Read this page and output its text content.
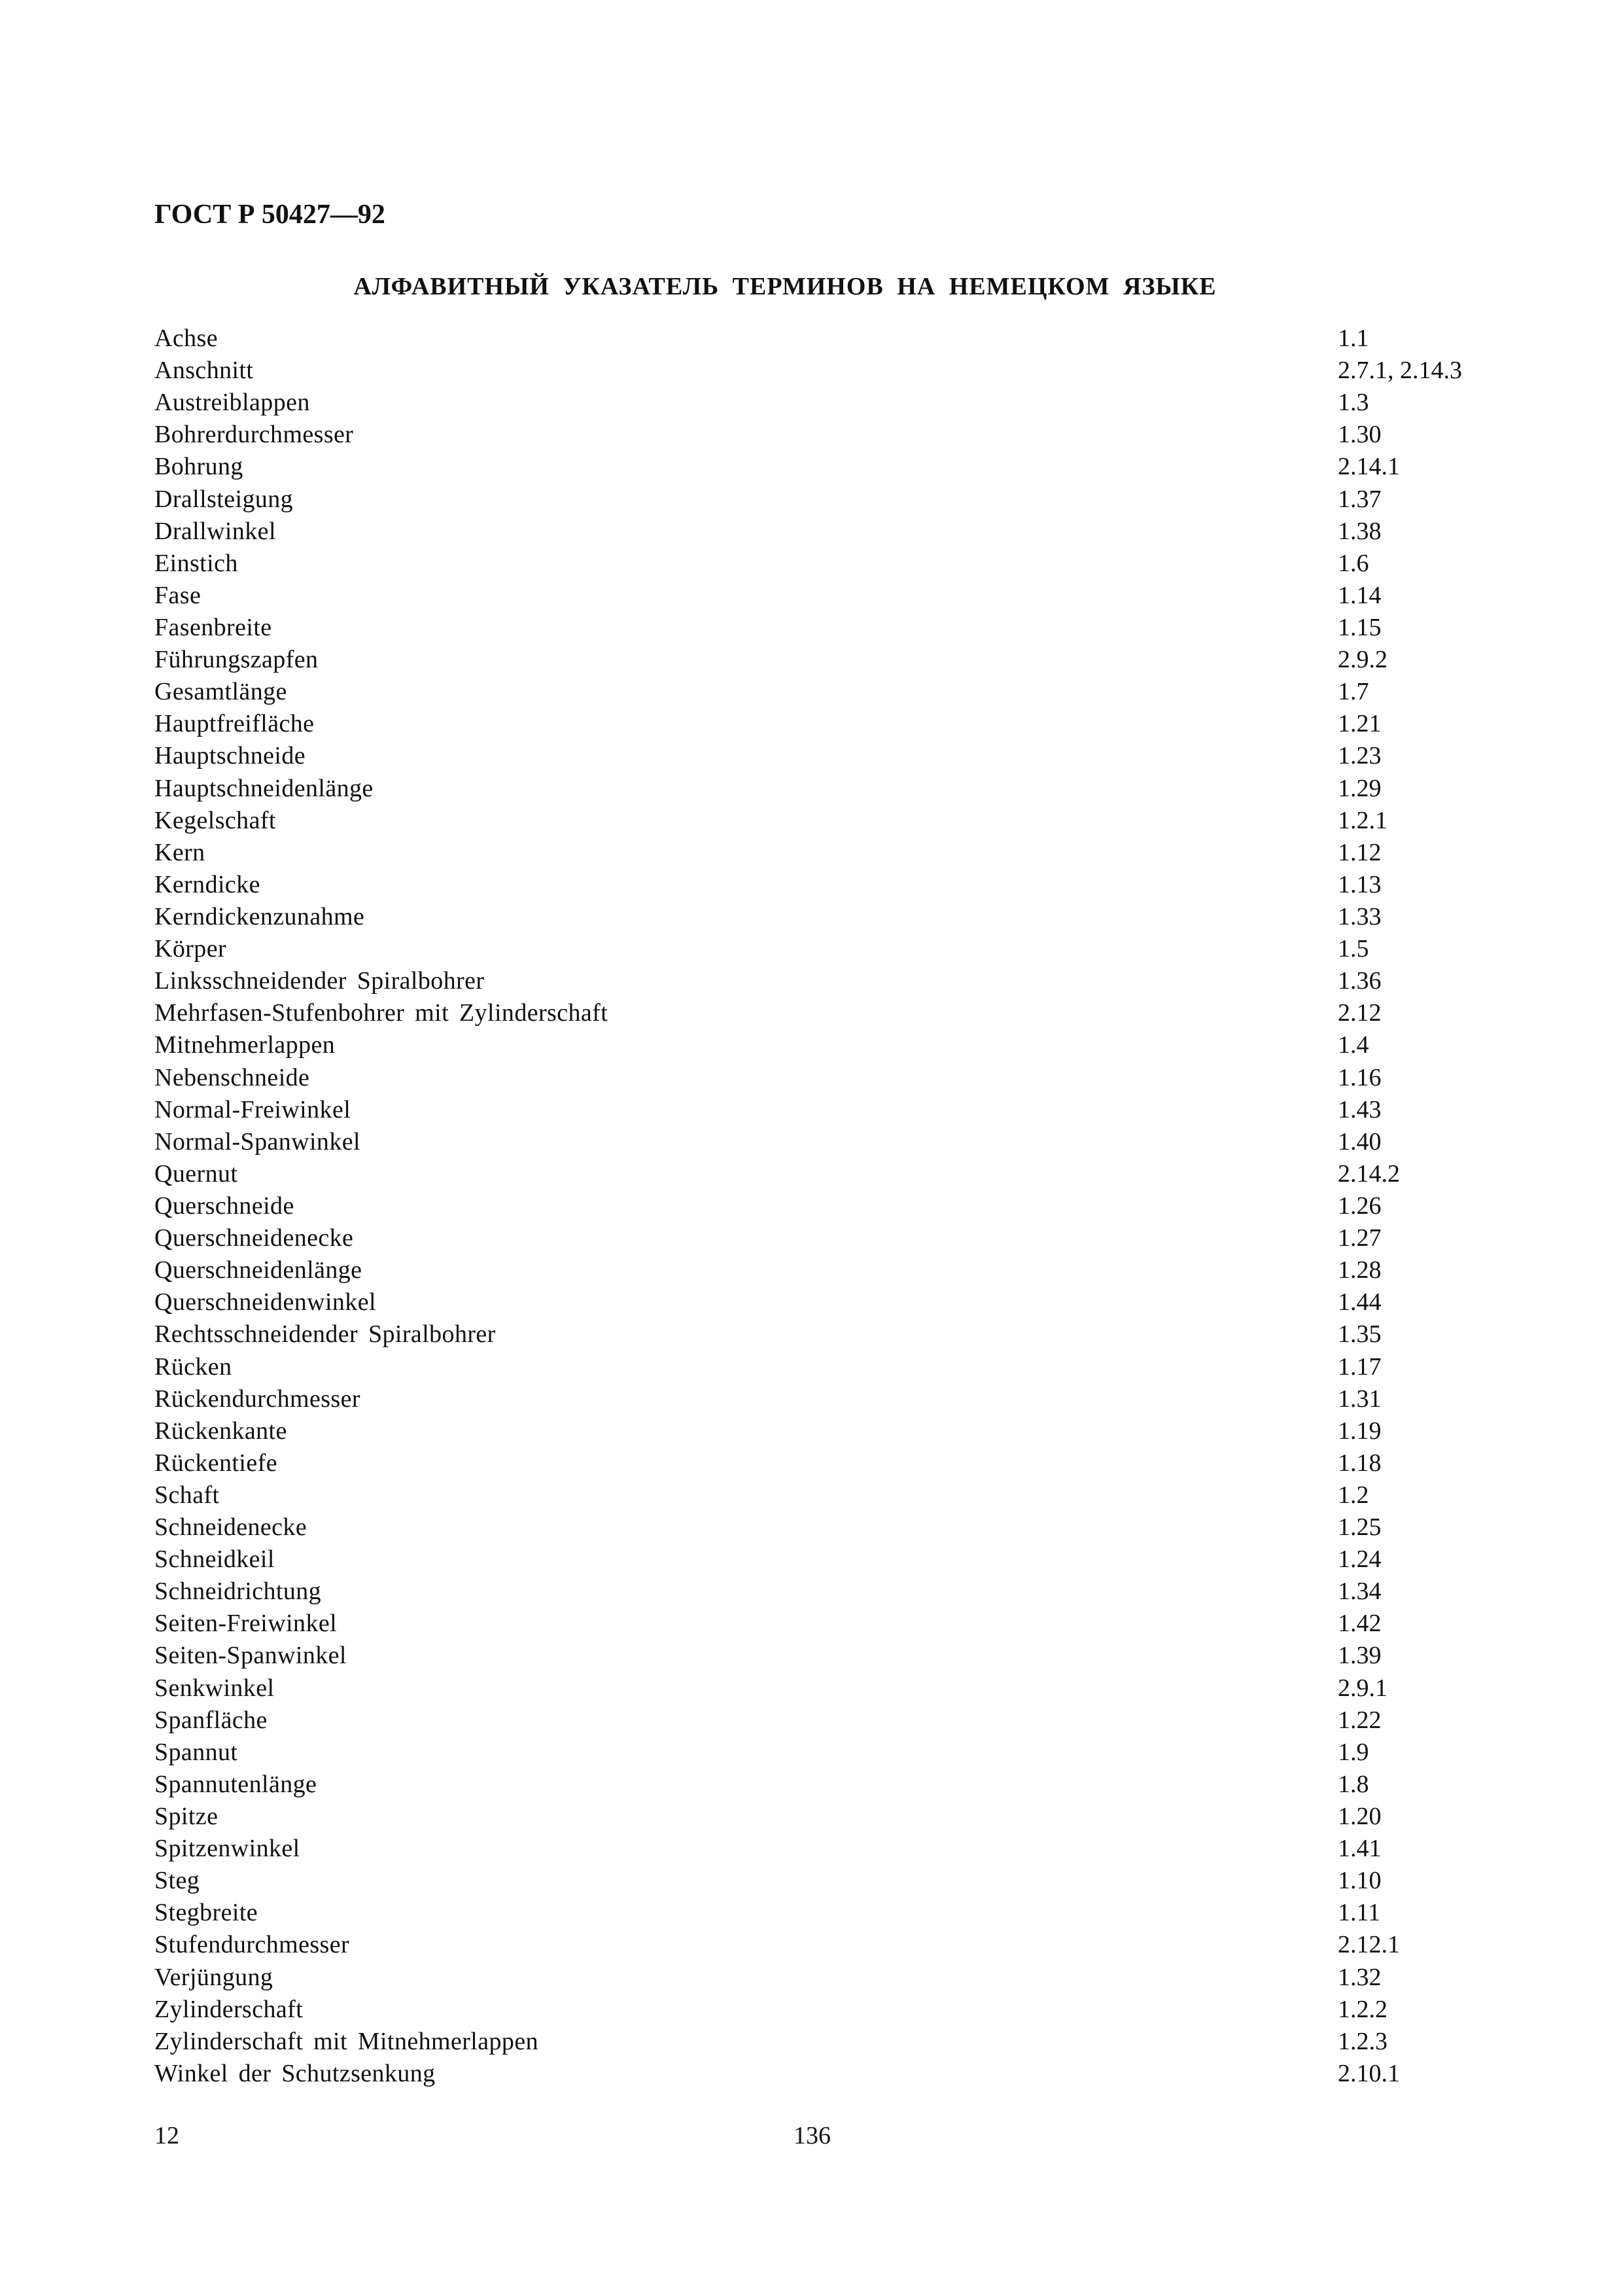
ГОСТ Р 50427—92
АЛФАВИТНЫЙ УКАЗАТЕЛЬ ТЕРМИНОВ НА НЕМЕЦКОМ ЯЗЫКЕ
Achse	1.1
Anschnitt	2.7.1, 2.14.3
Austreiblappen	1.3
Bohrerdurchmesser	1.30
Bohrung	2.14.1
Drallsteigung	1.37
Drallwinkel	1.38
Einstich	1.6
Fase	1.14
Fasenbreite	1.15
Führungszapfen	2.9.2
Gesamtlänge	1.7
Hauptfreifläche	1.21
Hauptschneide	1.23
Hauptschneidenlänge	1.29
Kegelschaft	1.2.1
Kern	1.12
Kerndicke	1.13
Kerndickenzunahme	1.33
Körper	1.5
Linksschneidender Spiralbohrer	1.36
Mehrfasen-Stufenbohrer mit Zylinderschaft	2.12
Mitnehmerlappen	1.4
Nebenschneide	1.16
Normal-Freiwinkel	1.43
Normal-Spanwinkel	1.40
Quernut	2.14.2
Querschneide	1.26
Querschneidenecke	1.27
Querschneidenlänge	1.28
Querschneidenwinkel	1.44
Rechtsschneidender Spiralbohrer	1.35
Rücken	1.17
Rückendurchmesser	1.31
Rückenkante	1.19
Rückentiefe	1.18
Schaft	1.2
Schneidenecke	1.25
Schneidkeil	1.24
Schneidrichtung	1.34
Seiten-Freiwinkel	1.42
Seiten-Spanwinkel	1.39
Senkwinkel	2.9.1
Spanfläche	1.22
Spannut	1.9
Spannutenlänge	1.8
Spitze	1.20
Spitzenwinkel	1.41
Steg	1.10
Stegbreite	1.11
Stufendurchmesser	2.12.1
Verjüngung	1.32
Zylinderschaft	1.2.2
Zylinderschaft mit Mitnehmerlappen	1.2.3
Winkel der Schutzsenkung	2.10.1
12	136
